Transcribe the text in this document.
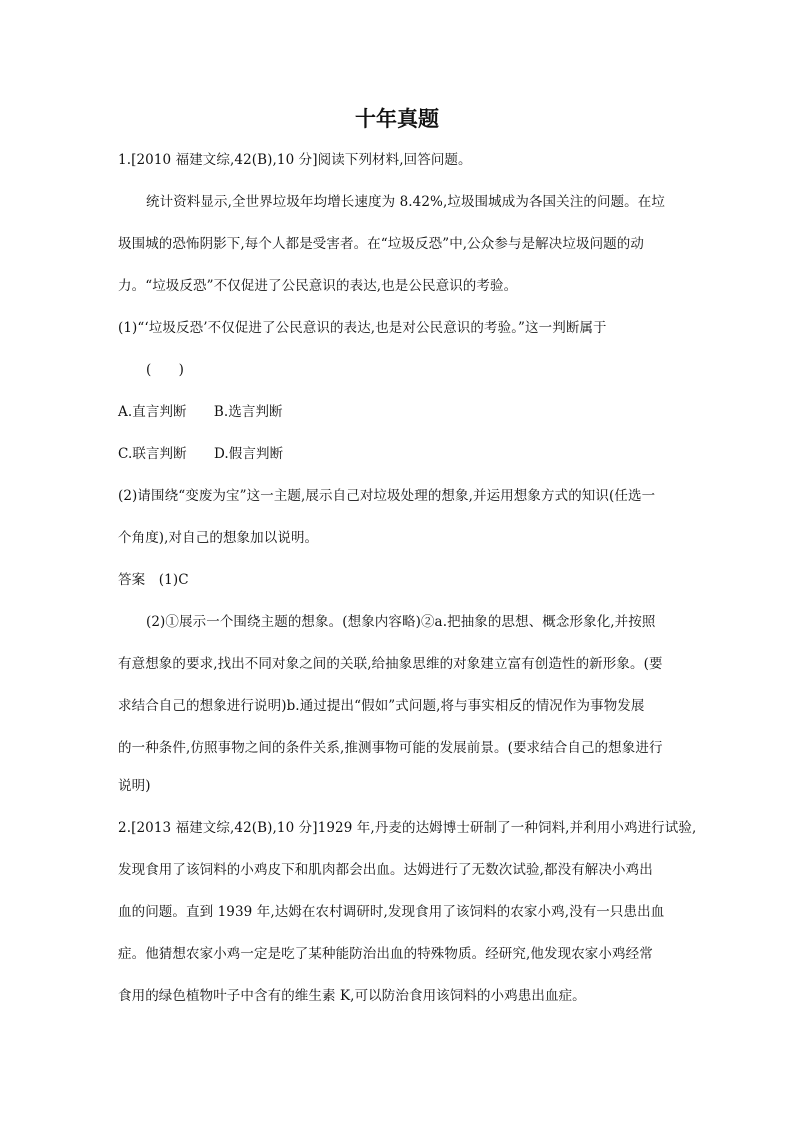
十年真题
1.[2010 福建文综,42(B),10 分]阅读下列材料,回答问题。
统计资料显示,全世界垃圾年均增长速度为 8.42%,垃圾围城成为各国关注的问题。在垃
圾围城的恐怖阴影下,每个人都是受害者。在“垃圾反恐”中,公众参与是解决垃圾问题的动
力。“垃圾反恐”不仅促进了公民意识的表达,也是公民意识的考验。
(1)“‘垃圾反恐’不仅促进了公民意识的表达,也是对公民意识的考验。”这一判断属于
(　　)
A.直言判断　　B.选言判断
C.联言判断　　D.假言判断
(2)请围绕“变废为宝”这一主题,展示自己对垃圾处理的想象,并运用想象方式的知识(任选一
个角度),对自己的想象加以说明。
答案　(1)C
(2)①展示一个围绕主题的想象。(想象内容略)②a.把抽象的思想、概念形象化,并按照
有意想象的要求,找出不同对象之间的关联,给抽象思维的对象建立富有创造性的新形象。(要
求结合自己的想象进行说明)b.通过提出“假如”式问题,将与事实相反的情况作为事物发展
的一种条件,仿照事物之间的条件关系,推测事物可能的发展前景。(要求结合自己的想象进行
说明)
2.[2013 福建文综,42(B),10 分]1929 年,丹麦的达姆博士研制了一种饲料,并利用小鸡进行试验,
发现食用了该饲料的小鸡皮下和肌肉都会出血。达姆进行了无数次试验,都没有解决小鸡出
血的问题。直到 1939 年,达姆在农村调研时,发现食用了该饲料的农家小鸡,没有一只患出血
症。他猜想农家小鸡一定是吃了某种能防治出血的特殊物质。经研究,他发现农家小鸡经常
食用的绿色植物叶子中含有的维生素 K,可以防治食用该饲料的小鸡患出血症。
